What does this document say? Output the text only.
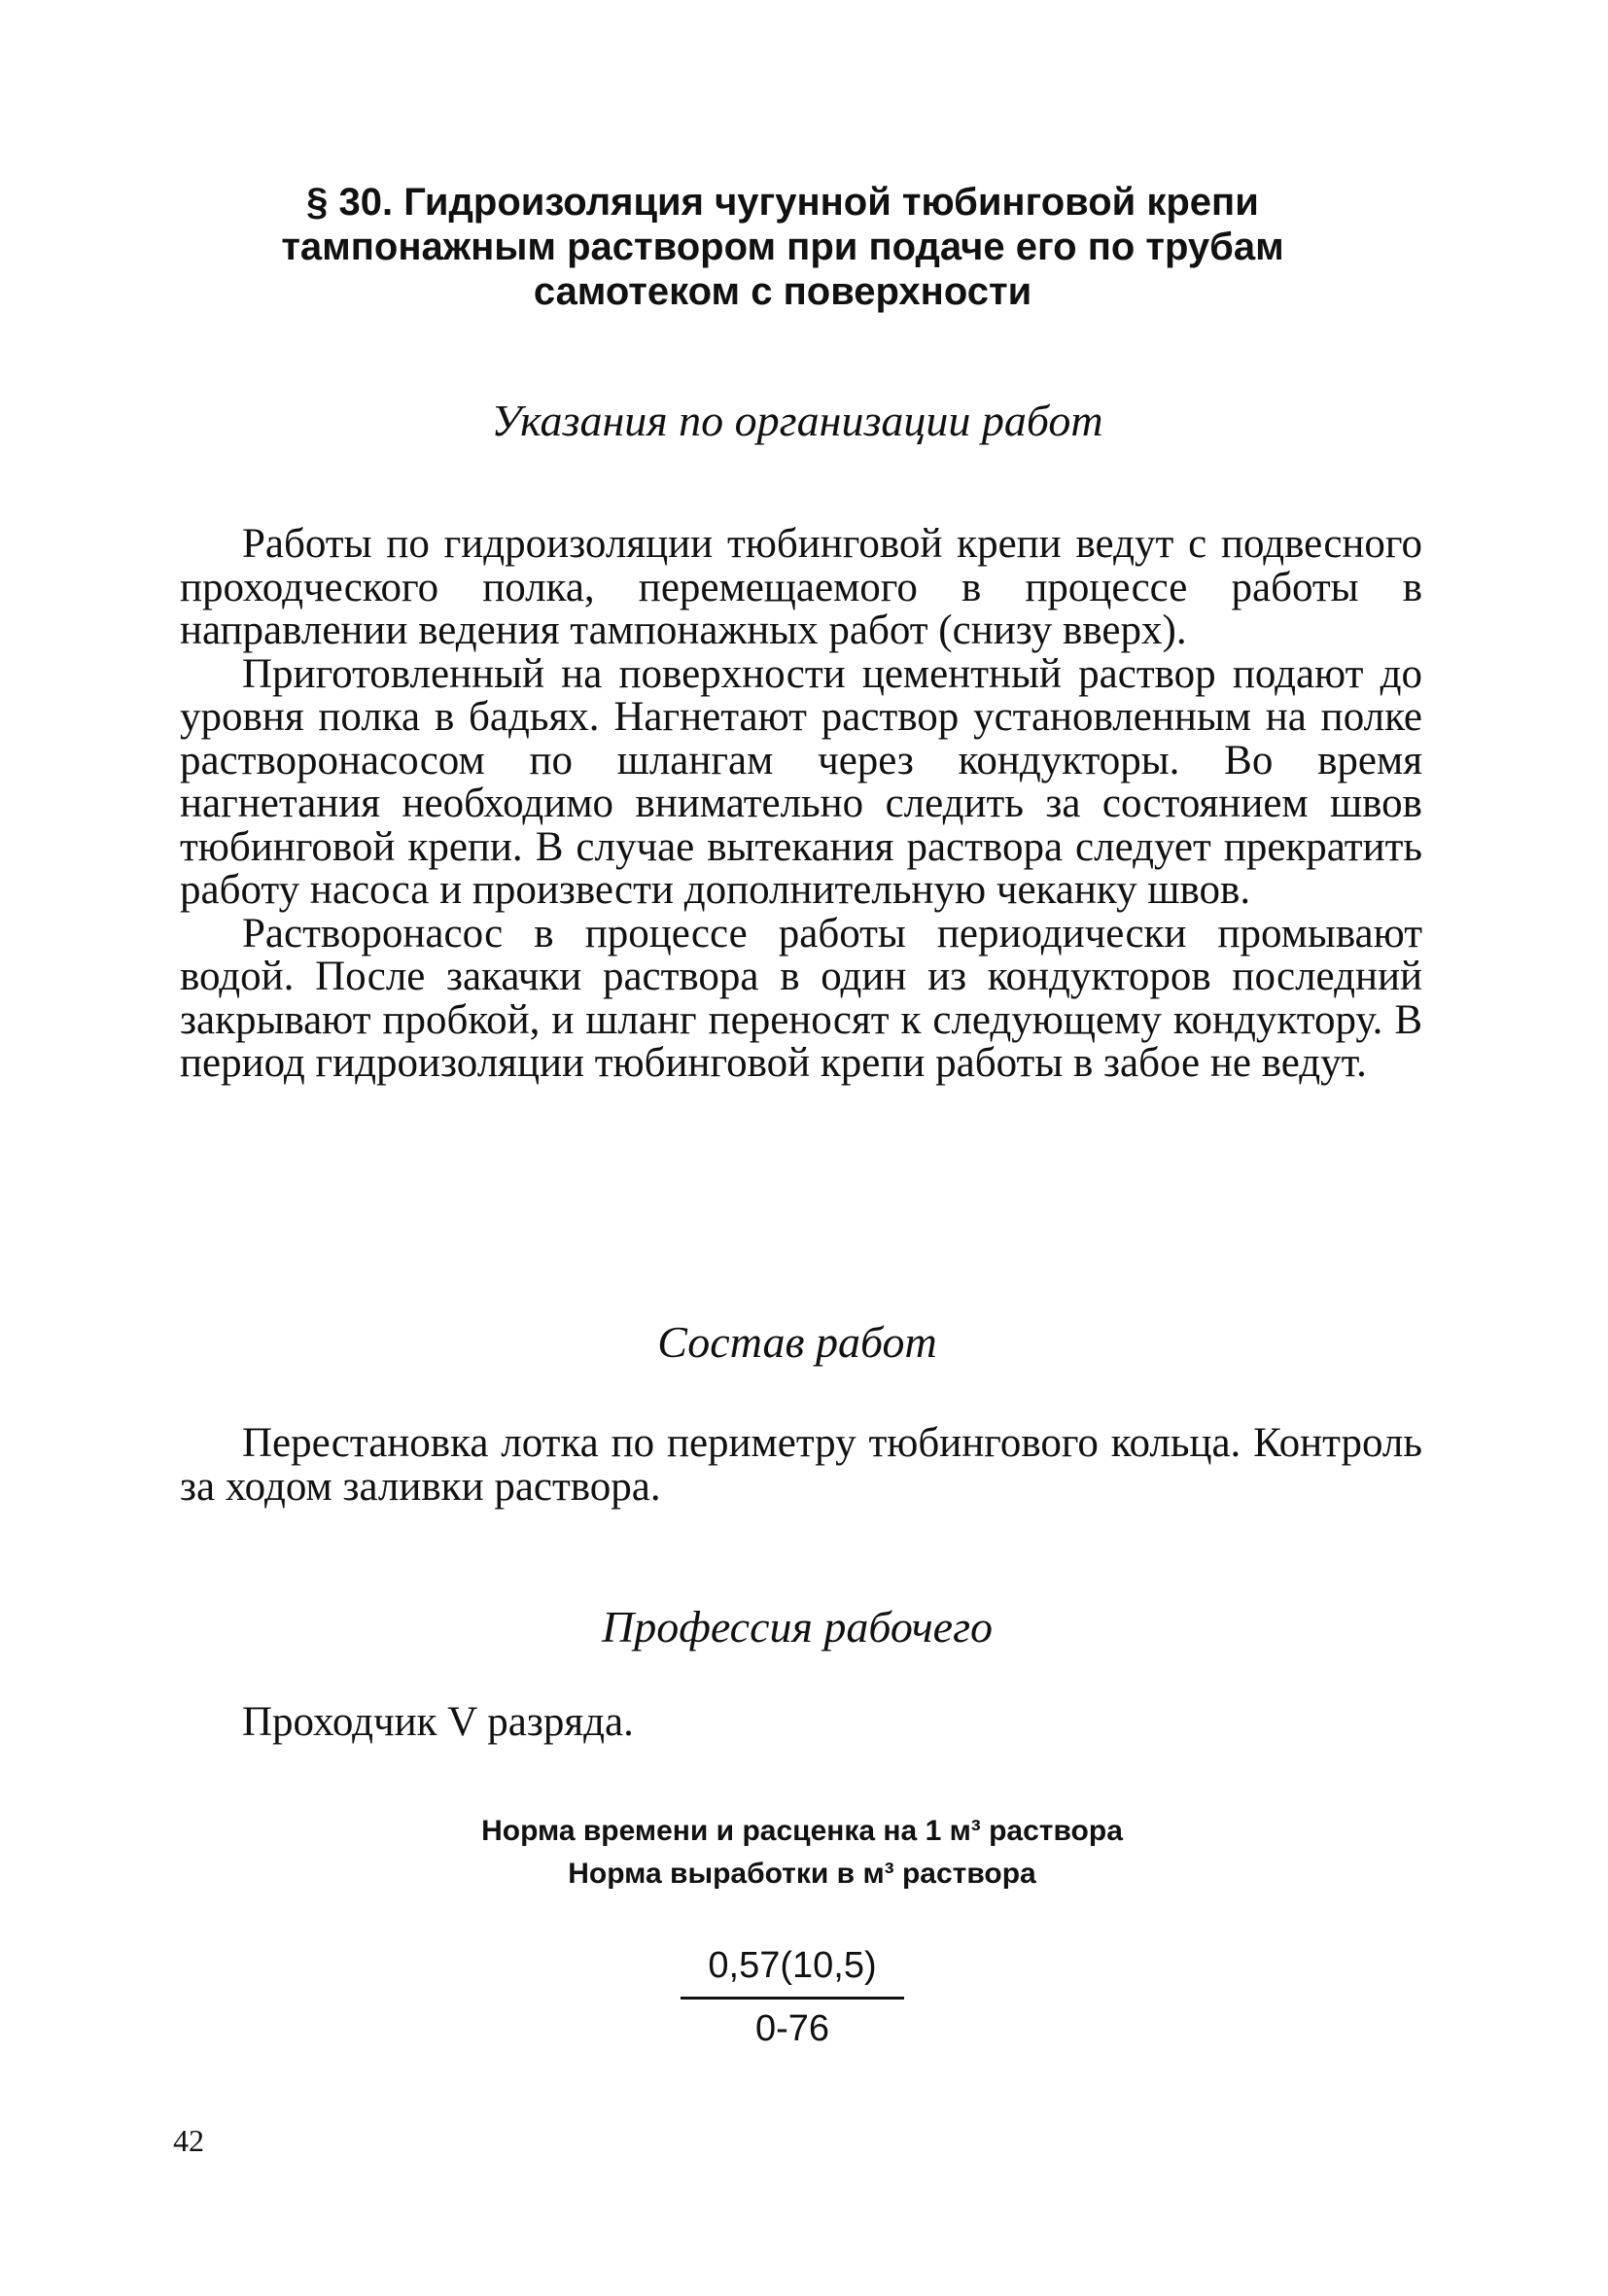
§ 30. Гидроизоляция чугунной тюбинговой крепи
тампонажным раствором при подаче его по трубам
самотеком с поверхности
Указания по организации работ

Работы по гидроизоляции тюбинговой крепи ведут с подвесного проходческого полка, перемещаемого в процессе работы в направлении ведения тампонажных работ (снизу вверх).

Приготовленный на поверхности цементный раствор подают до уровня полка в бадьях. Нагнетают раствор установленным на полке растворонасосом по шлангам через кондукторы. Во время нагнетания необходимо внимательно следить за состоянием швов тюбинговой крепи. В случае вытекания раствора следует прекратить работу насоса и произвести дополнительную чеканку швов.

Растворонасос в процессе работы периодически промывают водой. После закачки раствора в один из кондукторов последний закрывают пробкой, и шланг переносят к следующему кондуктору. В период гидроизоляции тюбинговой крепи работы в забое не ведут.

Состав работ

Перестановка лотка по периметру тюбингового кольца. Контроль за ходом заливки раствора.

Профессия рабочего

Проходчик V разряда.

Норма времени и расценка на 1 м³ раствора
Норма выработки в м³ раствора
$\frac{0,57(10,5)}{0-76}$
42
